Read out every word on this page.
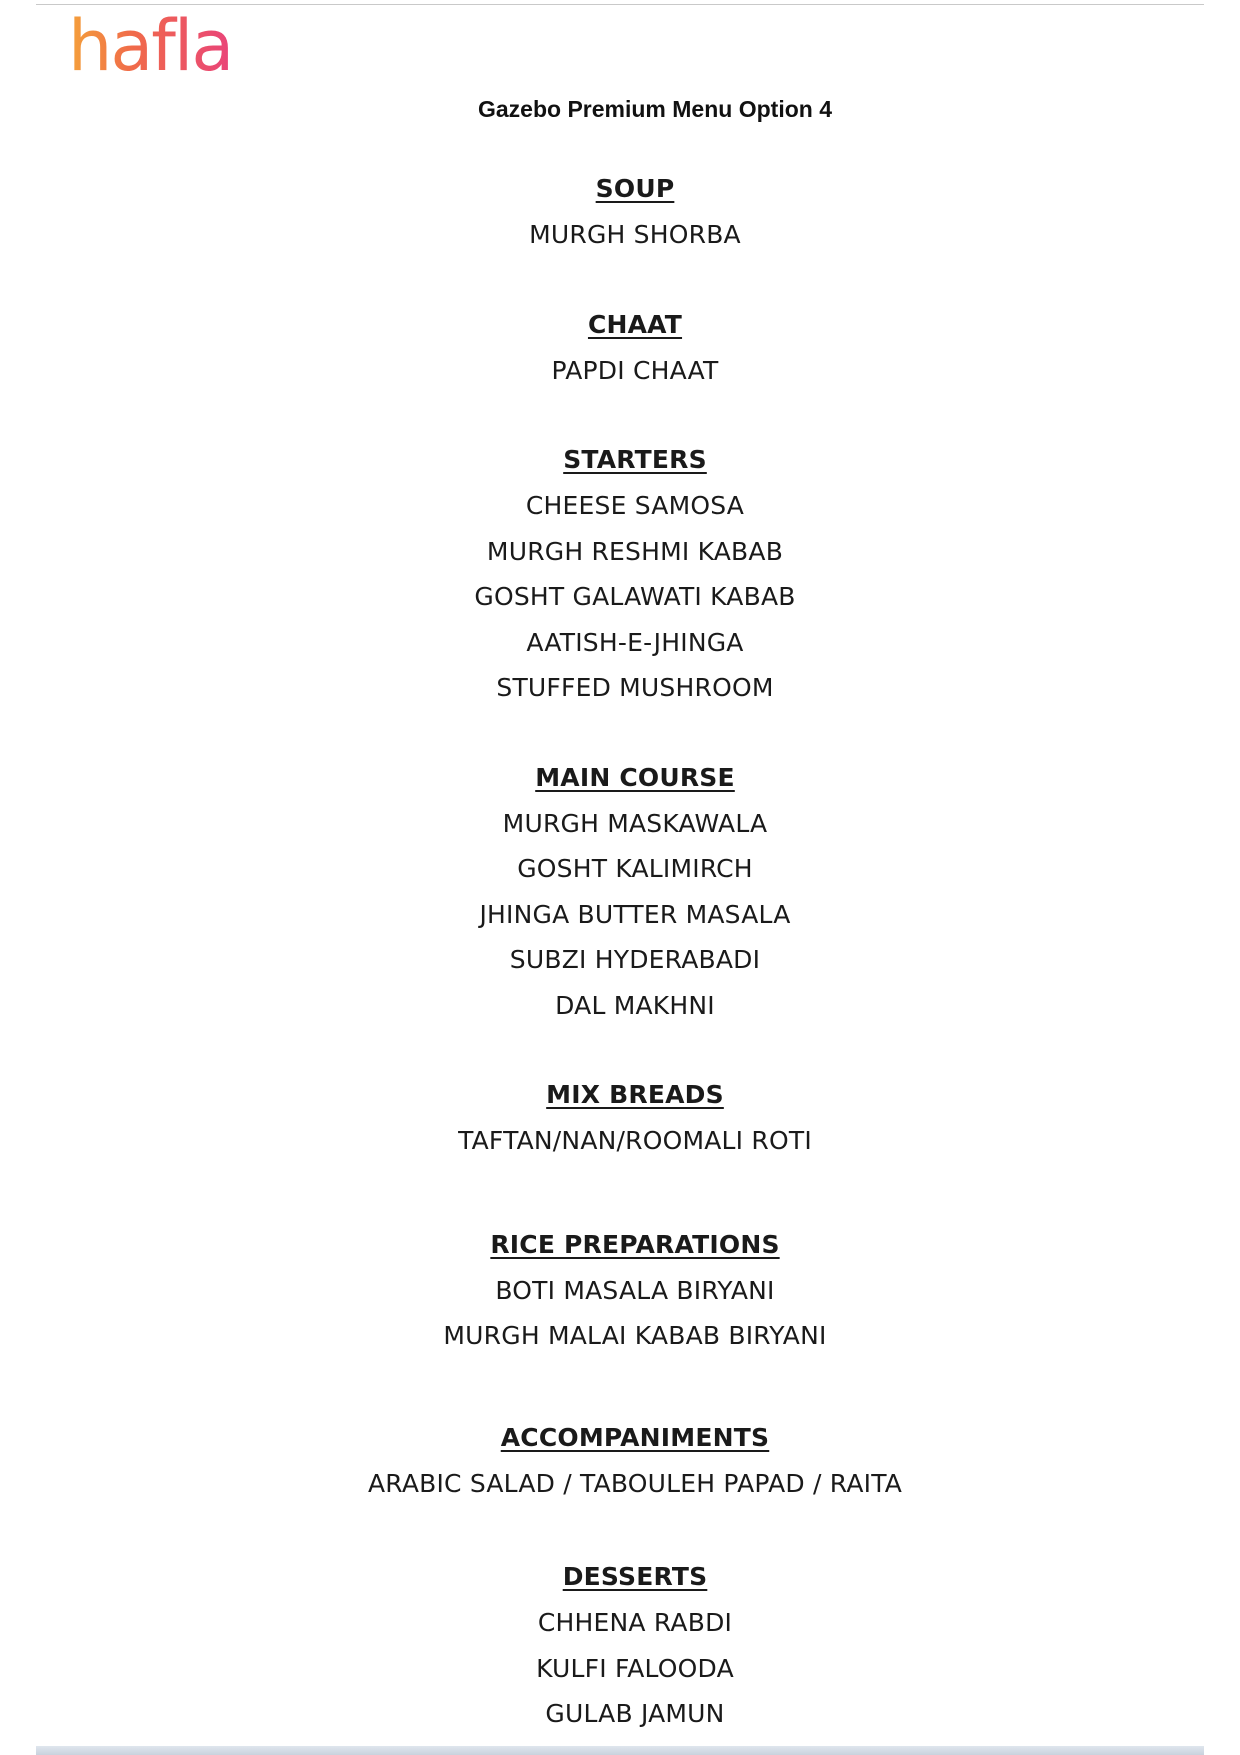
hafla
Gazebo Premium Menu Option 4
SOUP
MURGH SHORBA
CHAAT
PAPDI CHAAT
STARTERS
CHEESE SAMOSA
MURGH RESHMI KABAB
GOSHT GALAWATI KABAB
AATISH-E-JHINGA
STUFFED MUSHROOM
MAIN COURSE
MURGH MASKAWALA
GOSHT KALIMIRCH
JHINGA BUTTER MASALA
SUBZI HYDERABADI
DAL MAKHNI
MIX BREADS
TAFTAN/NAN/ROOMALI ROTI
RICE PREPARATIONS
BOTI MASALA BIRYANI
MURGH MALAI KABAB BIRYANI
ACCOMPANIMENTS
ARABIC SALAD / TABOULEH PAPAD / RAITA
DESSERTS
CHHENA RABDI
KULFI FALOODA
GULAB JAMUN
